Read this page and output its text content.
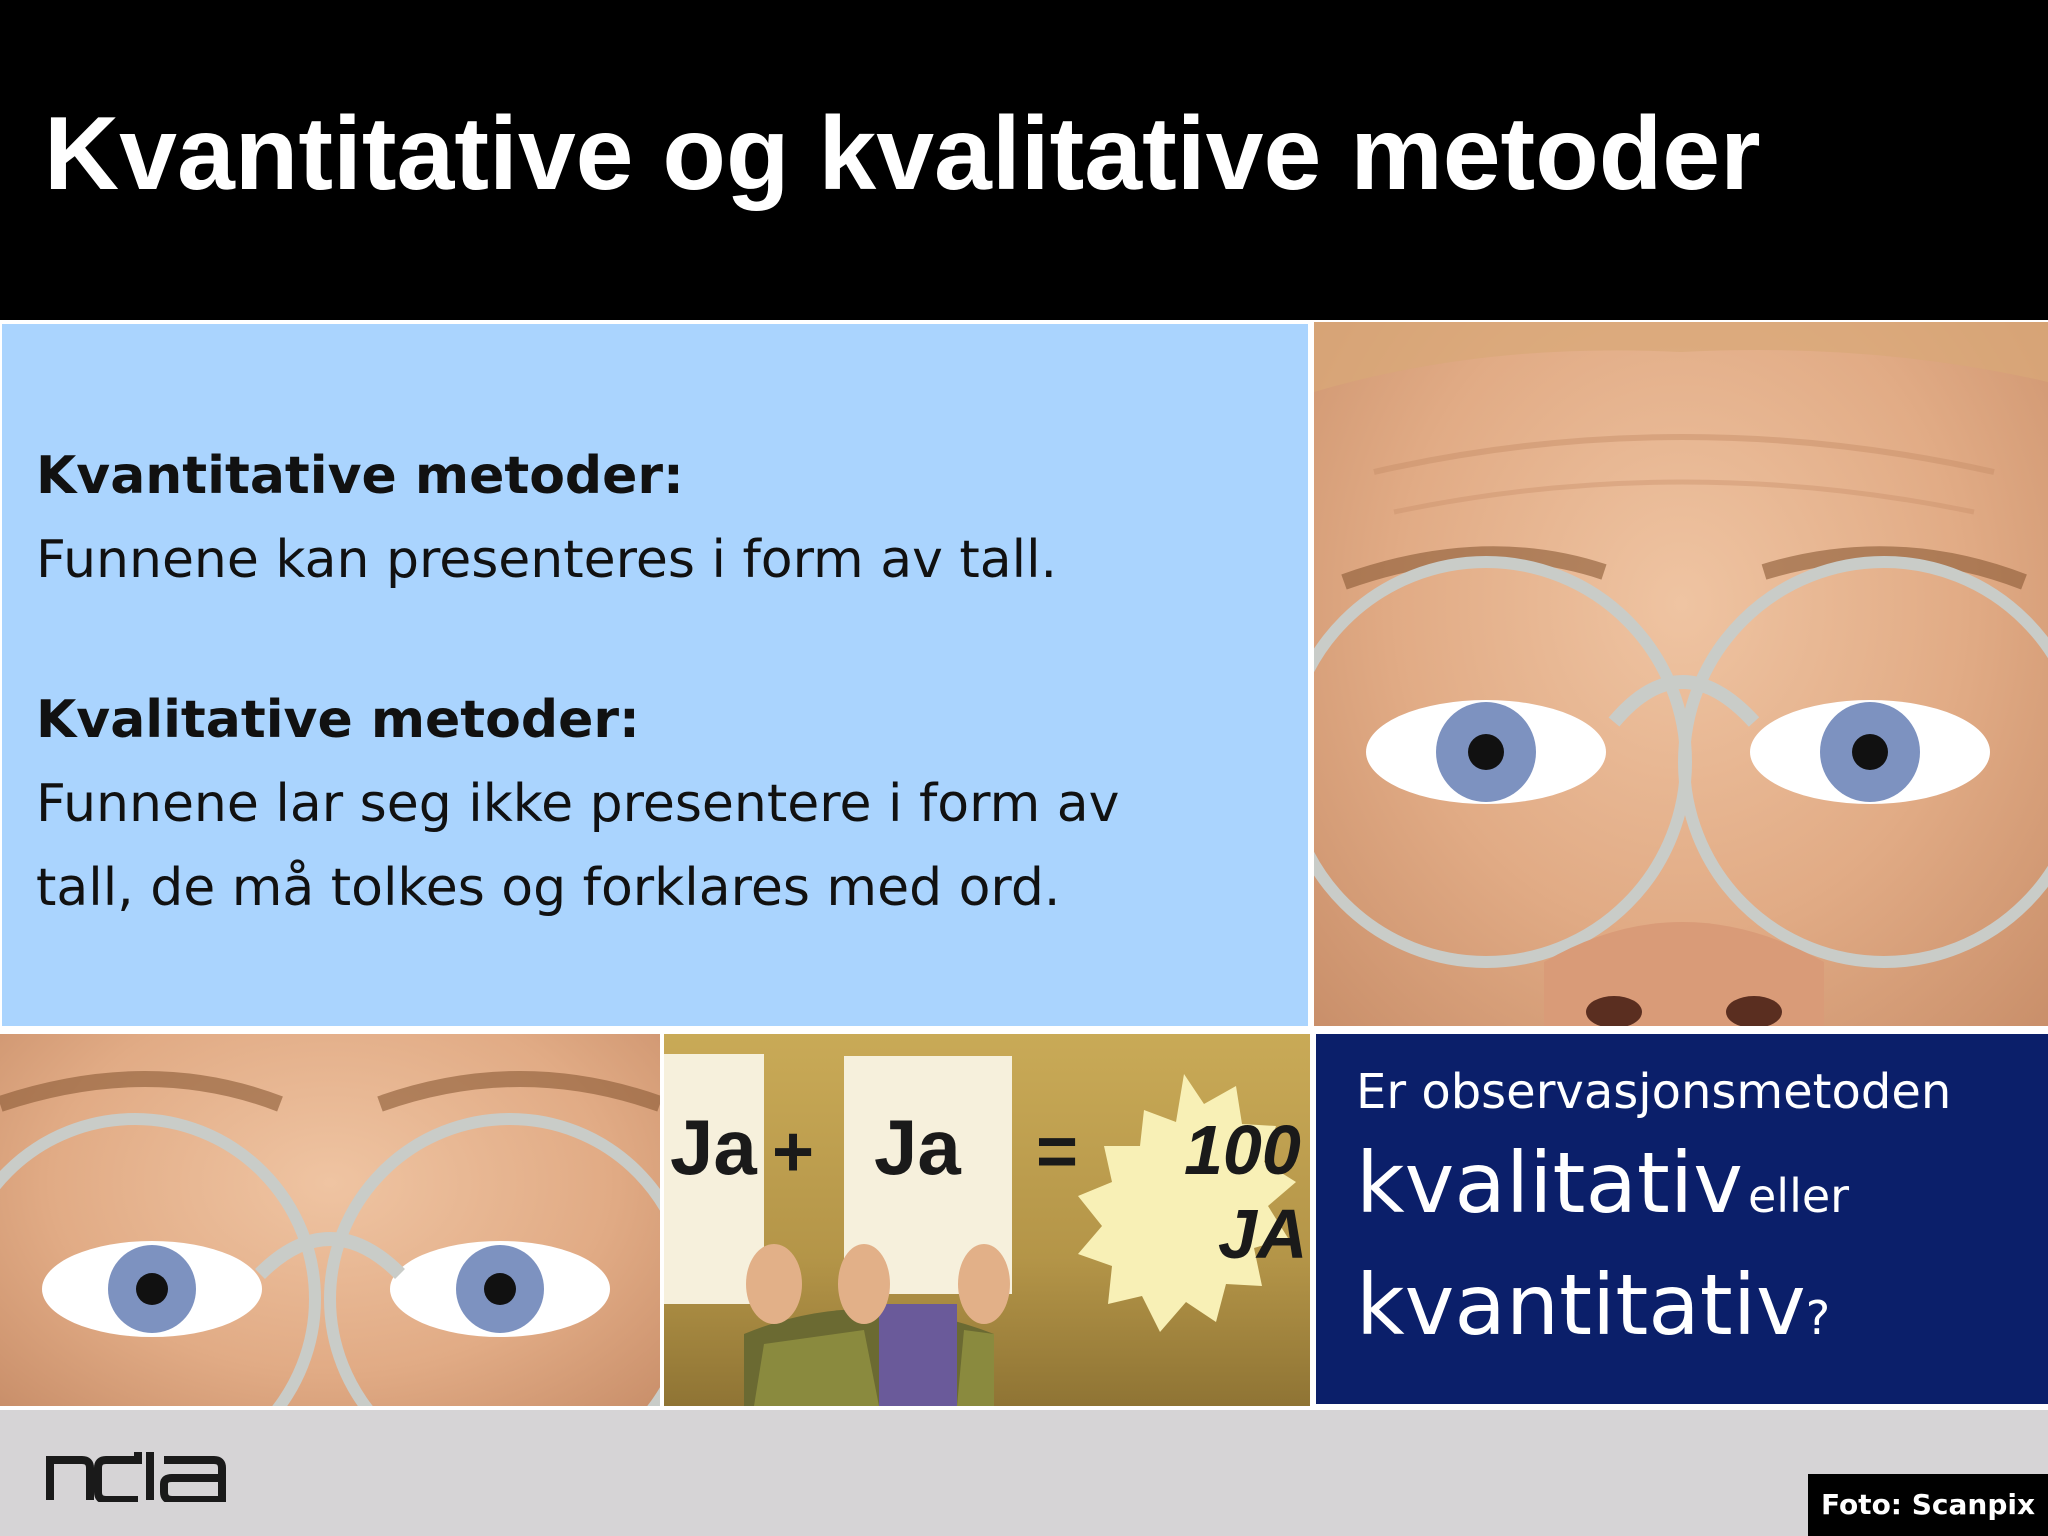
Kvantitative og kvalitative metoder
Kvantitative metoder:
Funnene kan presenteres i form av tall.
Kvalitative metoder:
Funnene lar seg ikke presentere i form av
tall, de må tolkes og forklares med ord.
Ja + Ja = 100
JA
Er observasjonsmetoden
kvalitativ eller
kvantitativ?
Foto: Scanpix
